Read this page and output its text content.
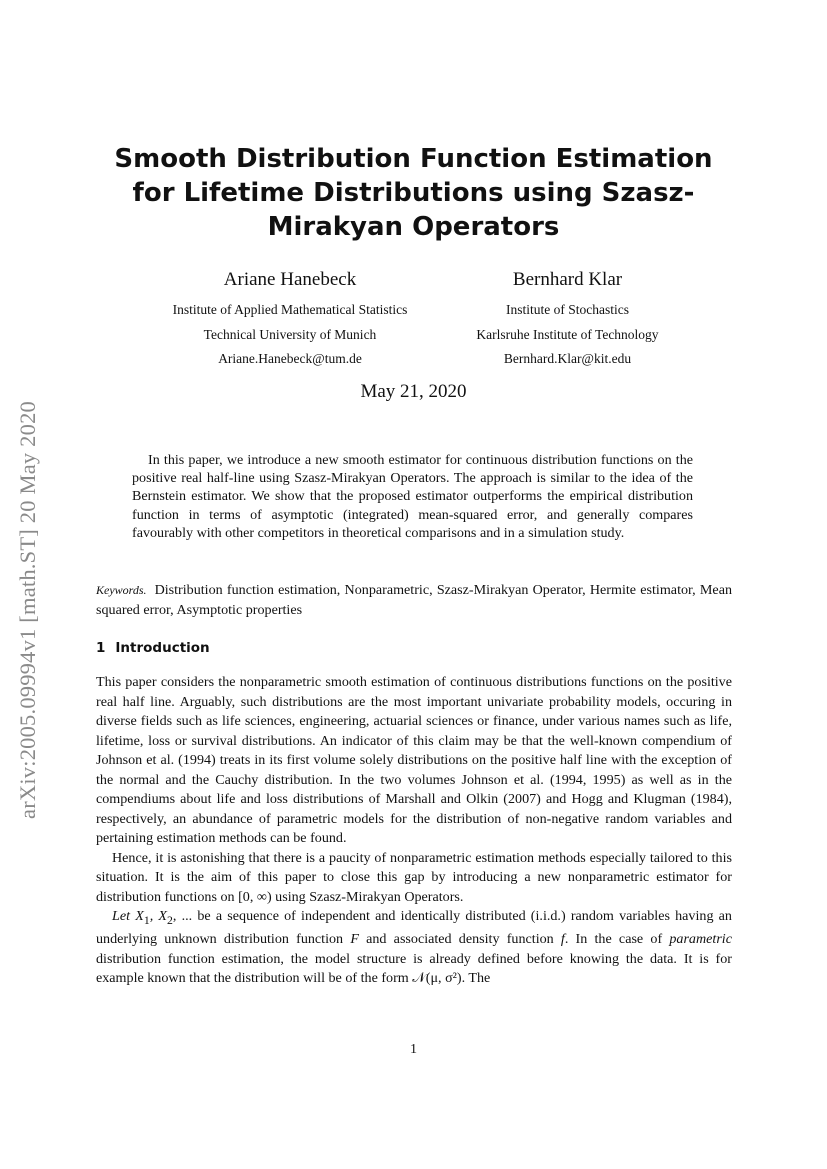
arXiv:2005.09994v1 [math.ST] 20 May 2020
Smooth Distribution Function Estimation for Lifetime Distributions using Szasz-Mirakyan Operators
Ariane Hanebeck
Institute of Applied Mathematical Statistics
Technical University of Munich
Ariane.Hanebeck@tum.de
Bernhard Klar
Institute of Stochastics
Karlsruhe Institute of Technology
Bernhard.Klar@kit.edu
May 21, 2020
In this paper, we introduce a new smooth estimator for continuous distribution functions on the positive real half-line using Szasz-Mirakyan Operators. The approach is similar to the idea of the Bernstein estimator. We show that the proposed estimator outperforms the empirical distribution function in terms of asymptotic (integrated) mean-squared error, and generally compares favourably with other competitors in theoretical comparisons and in a simulation study.
Keywords. Distribution function estimation, Nonparametric, Szasz-Mirakyan Operator, Hermite estimator, Mean squared error, Asymptotic properties
1 Introduction

This paper considers the nonparametric smooth estimation of continuous distributions functions on the positive real half line. Arguably, such distributions are the most important univariate probability models, occuring in diverse fields such as life sciences, engineering, actuarial sciences or finance, under various names such as life, lifetime, loss or survival distributions. An indicator of this claim may be that the well-known compendium of Johnson et al. (1994) treats in its first volume solely distributions on the positive half line with the exception of the normal and the Cauchy distribution. In the two volumes Johnson et al. (1994, 1995) as well as in the compendiums about life and loss distributions of Marshall and Olkin (2007) and Hogg and Klugman (1984), respectively, an abundance of parametric models for the distribution of non-negative random variables and pertaining estimation methods can be found.

Hence, it is astonishing that there is a paucity of nonparametric estimation methods especially tailored to this situation. It is the aim of this paper to close this gap by introducing a new nonparametric estimator for distribution functions on [0, ∞) using Szasz-Mirakyan Operators.

Let $X_1$, $X_2$, ... be a sequence of independent and identically distributed (i.i.d.) random variables having an underlying unknown distribution function F and associated density function f. In the case of parametric distribution function estimation, the model structure is already defined before knowing the data. It is for example known that the distribution will be of the form 𝒩(μ, σ²). The

1
